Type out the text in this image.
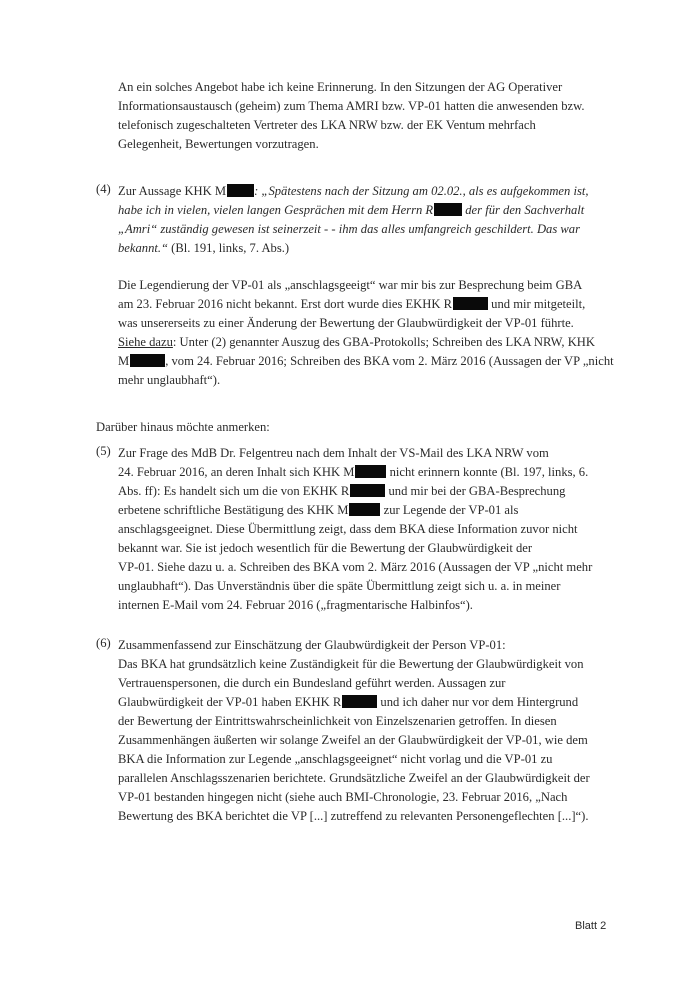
An ein solches Angebot habe ich keine Erinnerung. In den Sitzungen der AG Operativer
Informationsaustausch (geheim) zum Thema AMRI bzw. VP-01 hatten die anwesenden bzw.
telefonisch zugeschalteten Vertreter des LKA NRW bzw. der EK Ventum mehrfach
Gelegenheit, Bewertungen vorzutragen.
(4) Zur Aussage KHK M : „Spätestens nach der Sitzung am 02.02., als es aufgekommen ist,
habe ich in vielen, vielen langen Gesprächen mit dem Herrn R der für den Sachverhalt
„Amri“ zuständig gewesen ist seinerzeit - - ihm das alles umfangreich geschildert. Das war
bekannt.“ (Bl. 191, links, 7. Abs.)
Die Legendierung der VP-01 als „anschlagsgeeigt“ war mir bis zur Besprechung beim GBA
am 23. Februar 2016 nicht bekannt. Erst dort wurde dies EKHK R	und mir mitgeteilt,
was unsererseits zu einer Änderung der Bewertung der Glaubwürdigkeit der VP-01 führte.
Siehe dazu: Unter (2) genannter Auszug des GBA-Protokolls; Schreiben des LKA NRW, KHK
M	, vom 24. Februar 2016; Schreiben des BKA vom 2. März 2016 (Aussagen der VP „nicht
mehr unglaubhaft“).
Darüber hinaus möchte anmerken:
(5) Zur Frage des MdB Dr. Felgentreu nach dem Inhalt der VS-Mail des LKA NRW vom
24. Februar 2016, an deren Inhalt sich KHK M	nicht erinnern konnte (Bl. 197, links, 6.
Abs. ff): Es handelt sich um die von EKHK R	und mir bei der GBA-Besprechung
erbetene schriftliche Bestätigung des KHK M	zur Legende der VP-01 als
anschlagsgeeignet. Diese Übermittlung zeigt, dass dem BKA diese Information zuvor nicht
bekannt war. Sie ist jedoch wesentlich für die Bewertung der Glaubwürdigkeit der
VP-01. Siehe dazu u. a. Schreiben des BKA vom 2. März 2016 (Aussagen der VP „nicht mehr
unglaubhaft“). Das Unverständnis über die späte Übermittlung zeigt sich u. a. in meiner
internen E-Mail vom 24. Februar 2016 („fragmentarische Halbinfos“).
(6) Zusammenfassend zur Einschätzung der Glaubwürdigkeit der Person VP-01:
Das BKA hat grundsätzlich keine Zuständigkeit für die Bewertung der Glaubwürdigkeit von
Vertrauenspersonen, die durch ein Bundesland geführt werden. Aussagen zur
Glaubwürdigkeit der VP-01 haben EKHK R	und ich daher nur vor dem Hintergrund
der Bewertung der Eintrittswahrscheinlichkeit von Einzelszenarien getroffen. In diesen
Zusammenhängen äußerten wir solange Zweifel an der Glaubwürdigkeit der VP-01, wie dem
BKA die Information zur Legende „anschlagsgeeignet“ nicht vorlag und die VP-01 zu
parallelen Anschlagsszenarien berichtete. Grundsätzliche Zweifel an der Glaubwürdigkeit der
VP-01 bestanden hingegen nicht (siehe auch BMI-Chronologie, 23. Februar 2016, „Nach
Bewertung des BKA berichtet die VP [...] zutreffend zu relevanten Personengeflechten [...]“).
Blatt 2
